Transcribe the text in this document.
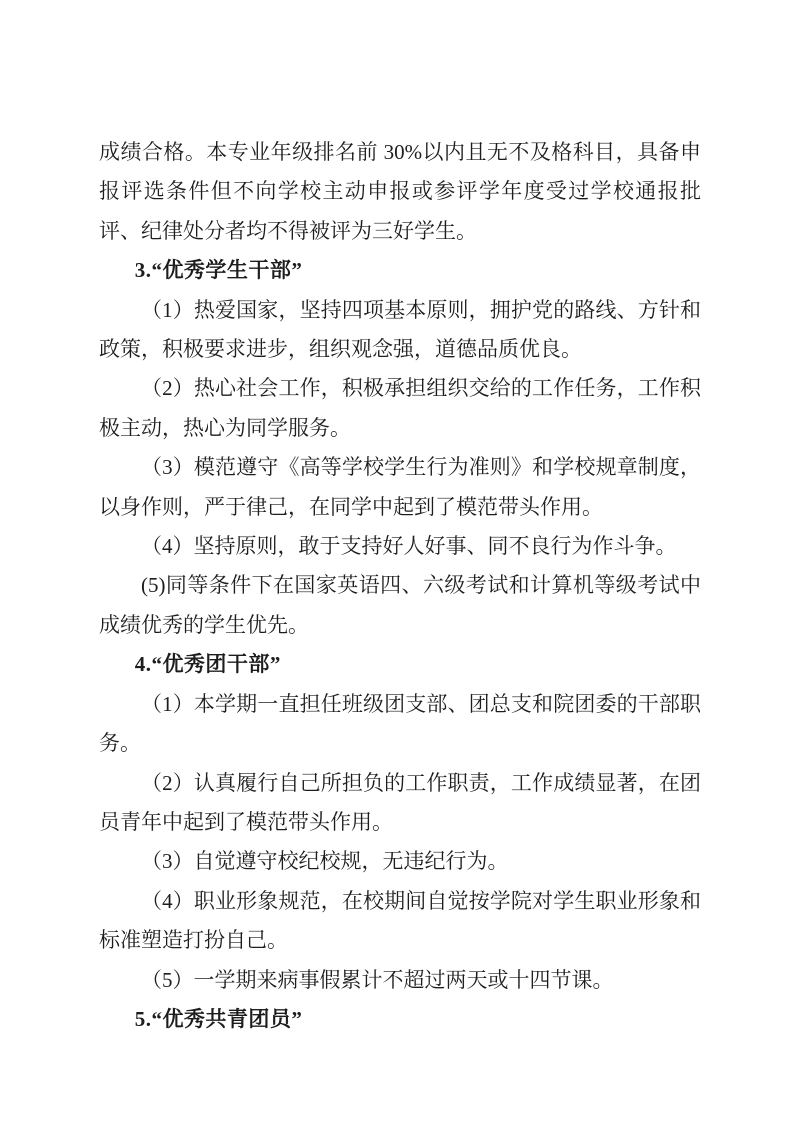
成绩合格。本专业年级排名前 30%以内且无不及格科目，具备申报评选条件但不向学校主动申报或参评学年度受过学校通报批评、纪律处分者均不得被评为三好学生。

3.“优秀学生干部”

（1）热爱国家，坚持四项基本原则，拥护党的路线、方针和政策，积极要求进步，组织观念强，道德品质优良。

（2）热心社会工作，积极承担组织交给的工作任务，工作积极主动，热心为同学服务。

（3）模范遵守《高等学校学生行为准则》和学校规章制度，以身作则，严于律己，在同学中起到了模范带头作用。

（4）坚持原则，敢于支持好人好事、同不良行为作斗争。

(5)同等条件下在国家英语四、六级考试和计算机等级考试中成绩优秀的学生优先。

4.“优秀团干部”

（1）本学期一直担任班级团支部、团总支和院团委的干部职务。

（2）认真履行自己所担负的工作职责，工作成绩显著，在团员青年中起到了模范带头作用。

（3）自觉遵守校纪校规，无违纪行为。

（4）职业形象规范，在校期间自觉按学院对学生职业形象和标准塑造打扮自己。

（5）一学期来病事假累计不超过两天或十四节课。

5.“优秀共青团员”
